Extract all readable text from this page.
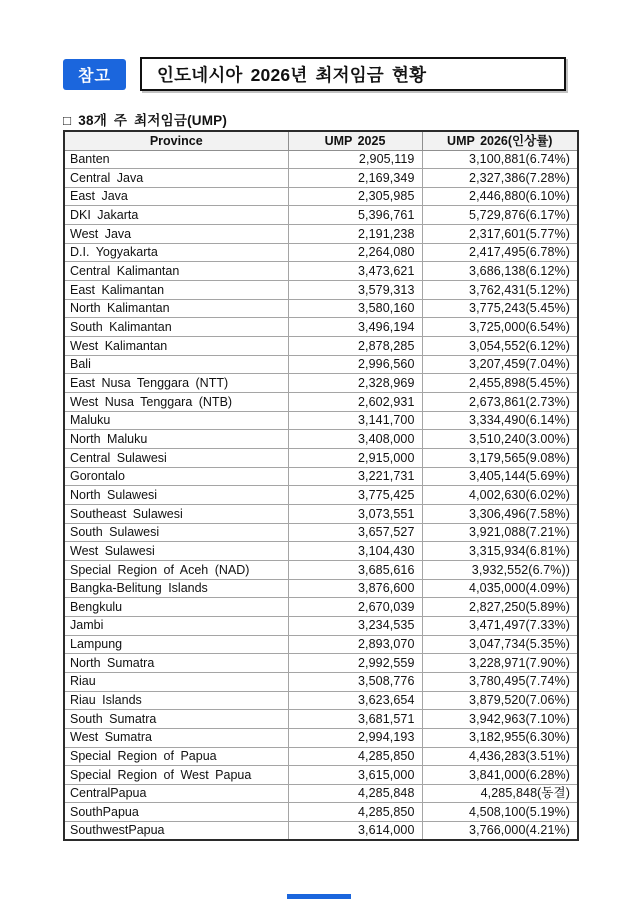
참고	인도네시아 2026년 최저임금 현황
□ 38개 주 최저임금(UMP)
Province	UMP 2025	UMP 2026(인상률)
Banten	2,905,119	3,100,881(6.74%)
Central Java	2,169,349	2,327,386(7.28%)
East Java	2,305,985	2,446,880(6.10%)
DKI Jakarta	5,396,761	5,729,876(6.17%)
West Java	2,191,238	2,317,601(5.77%)
D.I. Yogyakarta	2,264,080	2,417,495(6.78%)
Central Kalimantan	3,473,621	3,686,138(6.12%)
East Kalimantan	3,579,313	3,762,431(5.12%)
North Kalimantan	3,580,160	3,775,243(5.45%)
South Kalimantan	3,496,194	3,725,000(6.54%)
West Kalimantan	2,878,285	3,054,552(6.12%)
Bali	2,996,560	3,207,459(7.04%)
East Nusa Tenggara (NTT)	2,328,969	2,455,898(5.45%)
West Nusa Tenggara (NTB)	2,602,931	2,673,861(2.73%)
Maluku	3,141,700	3,334,490(6.14%)
North Maluku	3,408,000	3,510,240(3.00%)
Central Sulawesi	2,915,000	3,179,565(9.08%)
Gorontalo	3,221,731	3,405,144(5.69%)
North Sulawesi	3,775,425	4,002,630(6.02%)
Southeast Sulawesi	3,073,551	3,306,496(7.58%)
South Sulawesi	3,657,527	3,921,088(7.21%)
West Sulawesi	3,104,430	3,315,934(6.81%)
Special Region of Aceh (NAD)	3,685,616	3,932,552(6.7%))
Bangka-Belitung Islands	3,876,600	4,035,000(4.09%)
Bengkulu	2,670,039	2,827,250(5.89%)
Jambi	3,234,535	3,471,497(7.33%)
Lampung	2,893,070	3,047,734(5.35%)
North Sumatra	2,992,559	3,228,971(7.90%)
Riau	3,508,776	3,780,495(7.74%)
Riau Islands	3,623,654	3,879,520(7.06%)
South Sumatra	3,681,571	3,942,963(7.10%)
West Sumatra	2,994,193	3,182,955(6.30%)
Special Region of Papua	4,285,850	4,436,283(3.51%)
Special Region of West Papua	3,615,000	3,841,000(6.28%)
CentralPapua	4,285,848	4,285,848(동결)
SouthPapua	4,285,850	4,508,100(5.19%)
SouthwestPapua	3,614,000	3,766,000(4.21%)
